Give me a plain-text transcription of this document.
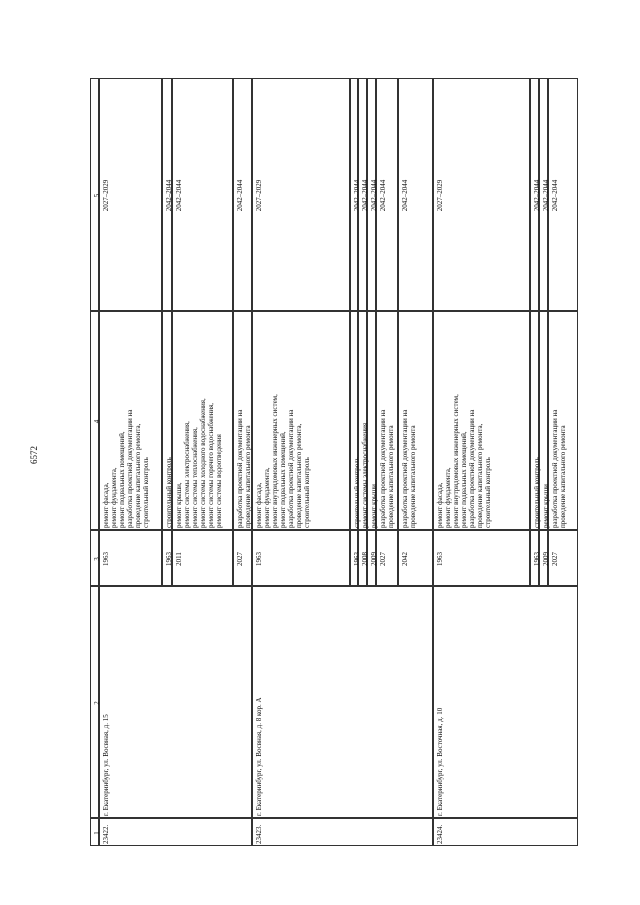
6572
1
2
3
4
5
23422.
г. Екатеринбург, ул. Восвная, д. 15
1963
ремонт фасада, ремонт фундамента, ремонт подвальных помещений, разработка проектной документации на проведение капитального ремонта, строительный контроль
2027–2029
1963
строительный контроль
2042–2044
2011
ремонт крыши, ремонт системы электроснабжения, ремонт системы теплоснабжения, ремонт системы холодного водоснабжения, ремонт системы горячего водоснабжения, ремонт системы водоотведения
2042–2044
2027
разработка проектной документации на проведение капитального ремонта
2042–2044
23423.
г. Екатеринбург, ул. Восвная, д. 8 кор. А
1963
ремонт фасада, ремонт фундамента, ремонт внутридомовых инженерных систем, ремонт подвальных помещений, разработка проектной документации на проведение капитального ремонта, строительный контроль
2027–2029
1963
строительный контроль
2042–2044
2008
ремонт системы электроснабжения
2042–2044
2009
ремонт крыши
2042–2044
2027
разработка проектной документации на проведение капитального ремонта
2042–2044
2042
разработка проектной документации на проведение капитального ремонта
2042–2044
23424.
г. Екатеринбург, ул. Восточная, д. 10
1963
ремонт фасада, ремонт фундамента, ремонт внутридомовых инженерных систем, ремонт подвальных помещений, разработка проектной документации на проведение капитального ремонта, строительный контроль
2027–2029
1963
строительный контроль
2042–2044
2009
ремонт крыши
2042–2044
2027
разработка проектной документации на проведение капитального ремонта
2042–2044
